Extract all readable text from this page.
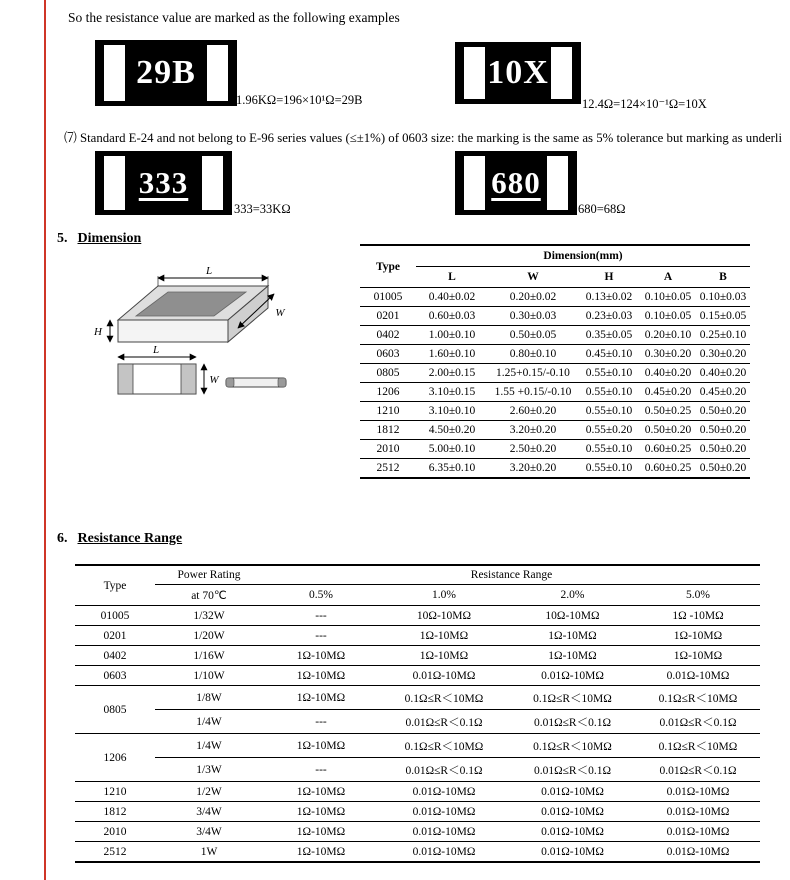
So the resistance value are marked as the following examples
29B
1.96KΩ=196×10¹Ω=29B
10X
12.4Ω=124×10⁻¹Ω=10X
⑺ Standard E-24 and not belong to E-96 series values (≤±1%) of 0603 size: the marking is the same as 5% tolerance but marking as underli
333
333=33KΩ
680
680=68Ω
5. Dimension
L
W
H
L
W
Type	Dimension(mm)				
	L	W	H	A	B
01005	0.40±0.02	0.20±0.02	0.13±0.02	0.10±0.05	0.10±0.03
0201	0.60±0.03	0.30±0.03	0.23±0.03	0.10±0.05	0.15±0.05
0402	1.00±0.10	0.50±0.05	0.35±0.05	0.20±0.10	0.25±0.10
0603	1.60±0.10	0.80±0.10	0.45±0.10	0.30±0.20	0.30±0.20
0805	2.00±0.15	1.25+0.15/-0.10	0.55±0.10	0.40±0.20	0.40±0.20
1206	3.10±0.15	1.55 +0.15/-0.10	0.55±0.10	0.45±0.20	0.45±0.20
1210	3.10±0.10	2.60±0.20	0.55±0.10	0.50±0.25	0.50±0.20
1812	4.50±0.20	3.20±0.20	0.55±0.20	0.50±0.20	0.50±0.20
2010	5.00±0.10	2.50±0.20	0.55±0.10	0.60±0.25	0.50±0.20
2512	6.35±0.10	3.20±0.20	0.55±0.10	0.60±0.25	0.50±0.20
6. Resistance Range
Type	Power Rating	Resistance Range			
	at 70℃	0.5%	1.0%	2.0%	5.0%
01005	1/32W	---	10Ω-10MΩ	10Ω-10MΩ	1Ω -10MΩ
0201	1/20W	---	1Ω-10MΩ	1Ω-10MΩ	1Ω-10MΩ
0402	1/16W	1Ω-10MΩ	1Ω-10MΩ	1Ω-10MΩ	1Ω-10MΩ
0603	1/10W	1Ω-10MΩ	0.01Ω-10MΩ	0.01Ω-10MΩ	0.01Ω-10MΩ
0805	1/8W	1Ω-10MΩ	0.1Ω≤R＜10MΩ	0.1Ω≤R＜10MΩ	0.1Ω≤R＜10MΩ
	1/4W	---	0.01Ω≤R＜0.1Ω	0.01Ω≤R＜0.1Ω	0.01Ω≤R＜0.1Ω
1206	1/4W	1Ω-10MΩ	0.1Ω≤R＜10MΩ	0.1Ω≤R＜10MΩ	0.1Ω≤R＜10MΩ
	1/3W	---	0.01Ω≤R＜0.1Ω	0.01Ω≤R＜0.1Ω	0.01Ω≤R＜0.1Ω
1210	1/2W	1Ω-10MΩ	0.01Ω-10MΩ	0.01Ω-10MΩ	0.01Ω-10MΩ
1812	3/4W	1Ω-10MΩ	0.01Ω-10MΩ	0.01Ω-10MΩ	0.01Ω-10MΩ
2010	3/4W	1Ω-10MΩ	0.01Ω-10MΩ	0.01Ω-10MΩ	0.01Ω-10MΩ
2512	1W	1Ω-10MΩ	0.01Ω-10MΩ	0.01Ω-10MΩ	0.01Ω-10MΩ
